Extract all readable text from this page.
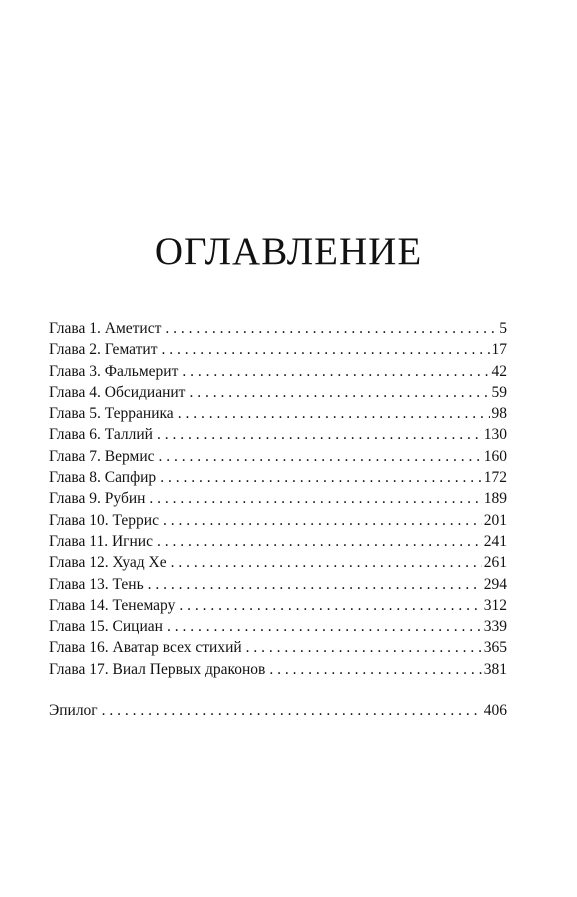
ОГЛАВЛЕНИЕ
Глава 1. Аметист . . .	5
Глава 2. Гематит . . .	17
Глава 3. Фальмерит . . .	42
Глава 4. Обсидианит . . .	59
Глава 5. Терраника . . .	98
Глава 6. Таллий . . .	130
Глава 7. Вермис . . .	160
Глава 8. Сапфир . . .	172
Глава 9. Рубин . . .	189
Глава 10. Террис . . .	201
Глава 11. Игнис . . .	241
Глава 12. Хуад Хе . . .	261
Глава 13. Тень . . .	294
Глава 14. Тенемару . . .	312
Глава 15. Сициан . . .	339
Глава 16. Аватар всех стихий . . .	365
Глава 17. Виал Первых драконов . . .	381
Эпилог . . .	406
